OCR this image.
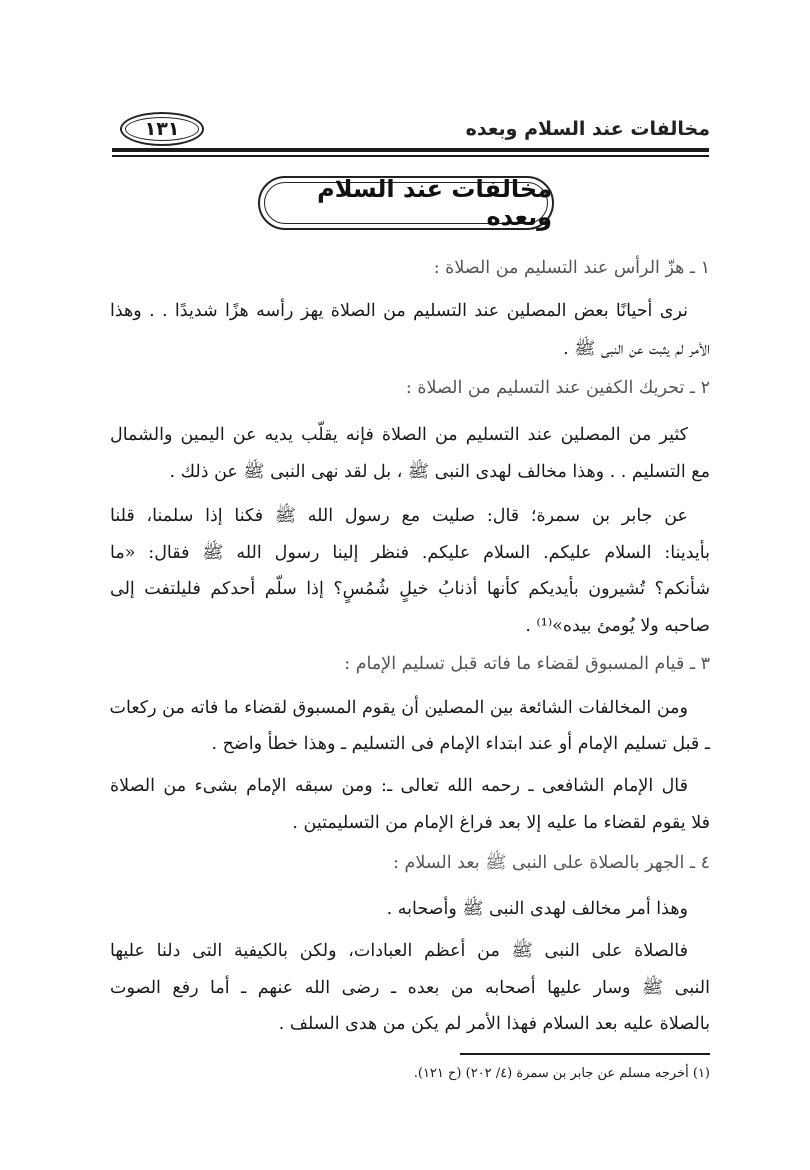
مخالفات عند السلام وبعده
١٣١
مخالفات عند السلام وبعده
١ ـ هزّ الرأس عند التسليم من الصلاة :
نرى أحيانًا بعض المصلين عند التسليم من الصلاة يهز رأسه هزًا شديدًا . . وهذا
الأمر لم يثبت عن النبى ﷺ .
٢ ـ تحريك الكفين عند التسليم من الصلاة :
كثير من المصلين عند التسليم من الصلاة فإنه يقلّب يديه عن اليمين والشمال
مع التسليم . . وهذا مخالف لهدى النبى ﷺ ، بل لقد نهى النبى ﷺ عن ذلك .
عن جابر بن سمرة؛ قال: صليت مع رسول الله ﷺ فكنا إذا سلمنا، قلنا
بأيدينا: السلام عليكم. السلام عليكم. فنظر إلينا رسول الله ﷺ فقال: «ما
شأنكم؟ تُشيرون بأيديكم كأنها أذنابُ خيلٍ شُمُسٍ؟ إذا سلّم أحدكم فليلتفت إلى
صاحبه ولا يُومئ بيده»⁽¹⁾ .
٣ ـ قيام المسبوق لقضاء ما فاته قبل تسليم الإمام :
ومن المخالفات الشائعة بين المصلين أن يقوم المسبوق لقضاء ما فاته من ركعات
ـ قبل تسليم الإمام أو عند ابتداء الإمام فى التسليم ـ وهذا خطأ واضح .
قال الإمام الشافعى ـ رحمه الله تعالى ـ: ومن سبقه الإمام بشىء من الصلاة
فلا يقوم لقضاء ما عليه إلا بعد فراغ الإمام من التسليمتين .
٤ ـ الجهر بالصلاة على النبى ﷺ بعد السلام :
وهذا أمر مخالف لهدى النبى ﷺ وأصحابه .
فالصلاة على النبى ﷺ من أعظم العبادات، ولكن بالكيفية التى دلنا عليها
النبى ﷺ وسار عليها أصحابه من بعده ـ رضى الله عنهم ـ أما رفع الصوت
بالصلاة عليه بعد السلام فهذا الأمر لم يكن من هدى السلف .
(١) أخرجه مسلم عن جابر بن سمرة (٤/ ٢٠٢) (ح ١٢١).
